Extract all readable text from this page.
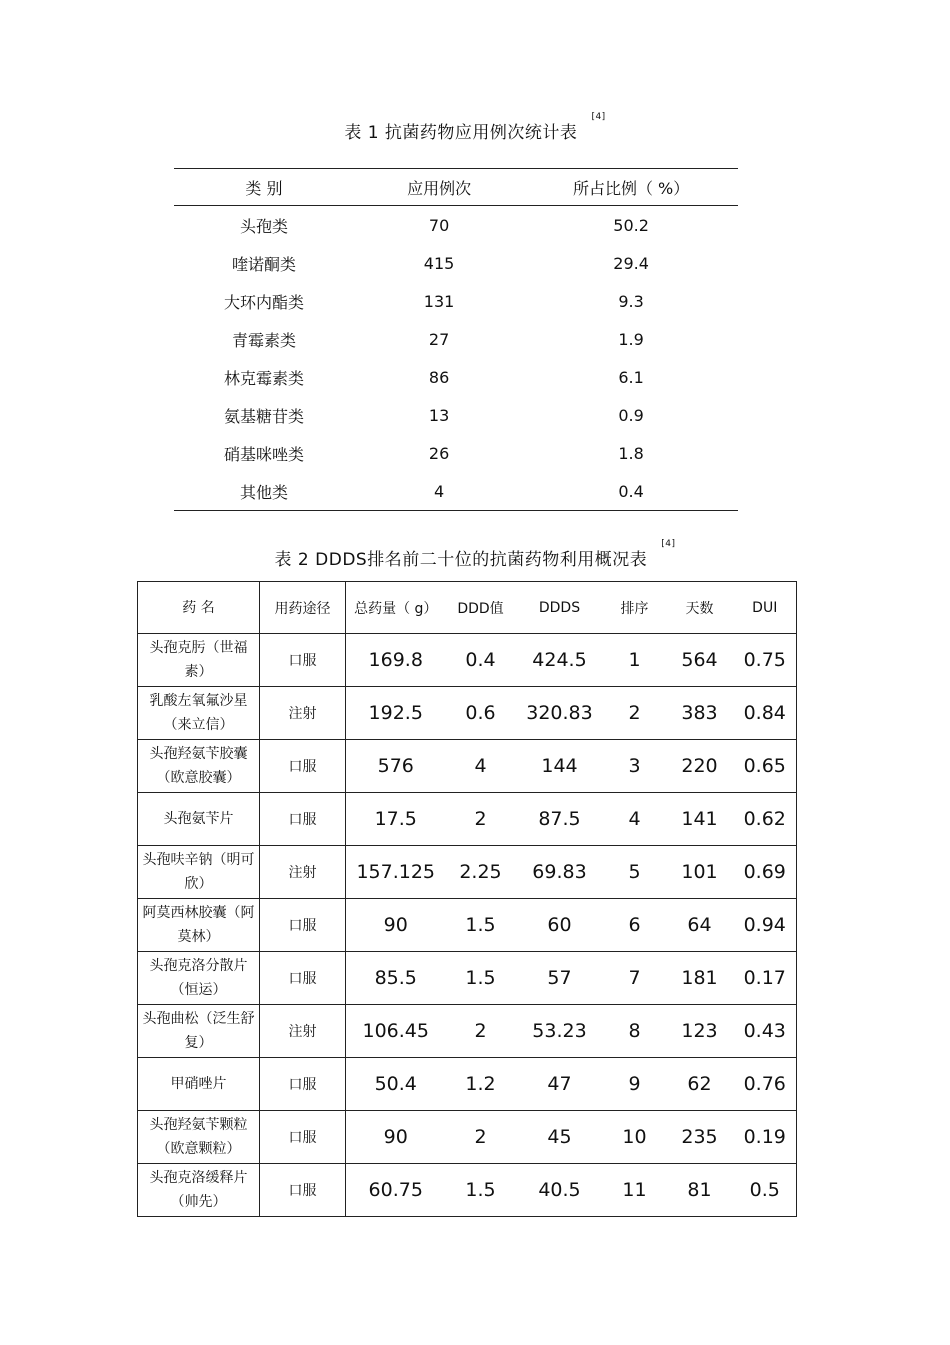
表 1 抗菌药物应用例次统计表[4]
类 别	应用例次	所占比例（ %）
头孢类	70	50.2
喹诺酮类	415	29.4
大环内酯类	131	9.3
青霉素类	27	1.9
林克霉素类	86	6.1
氨基糖苷类	13	0.9
硝基咪唑类	26	1.8
其他类	4	0.4
表 2 DDDS排名前二十位的抗菌药物利用概况表[4]
药 名	用药途径	总药量（ g）	DDD值	DDDS	排序	天数	DUI
头孢克肟（世福素）	口服	169.8	0.4	424.5	1	564	0.75
乳酸左氧氟沙星（来立信）	注射	192.5	0.6	320.83	2	383	0.84
头孢羟氨苄胶囊（欧意胶囊）	口服	576	4	144	3	220	0.65
头孢氨苄片	口服	17.5	2	87.5	4	141	0.62
头孢呋辛钠（明可欣）	注射	157.125	2.25	69.83	5	101	0.69
阿莫西林胶囊（阿莫林）	口服	90	1.5	60	6	64	0.94
头孢克洛分散片（恒运）	口服	85.5	1.5	57	7	181	0.17
头孢曲松（泛生舒复）	注射	106.45	2	53.23	8	123	0.43
甲硝唑片	口服	50.4	1.2	47	9	62	0.76
头孢羟氨苄颗粒（欧意颗粒）	口服	90	2	45	10	235	0.19
头孢克洛缓释片（帅先）	口服	60.75	1.5	40.5	11	81	0.5
